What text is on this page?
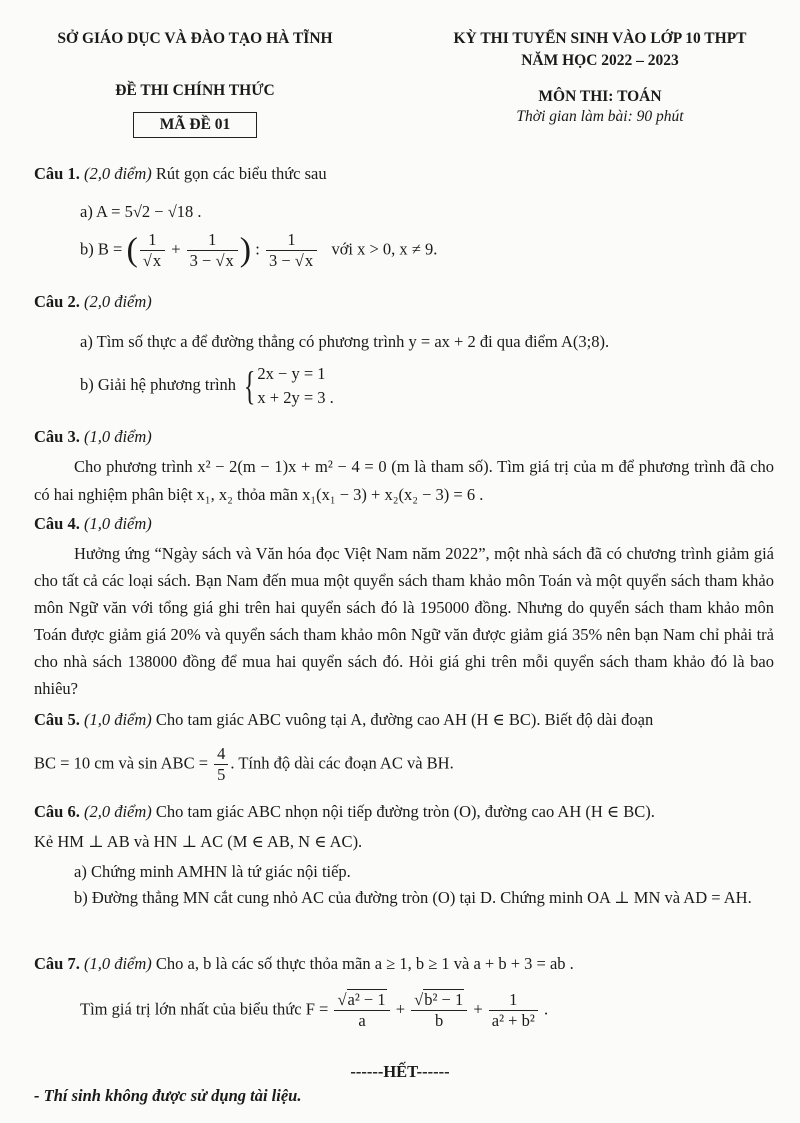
SỞ GIÁO DỤC VÀ ĐÀO TẠO HÀ TĨNH
ĐỀ THI CHÍNH THỨC
MÃ ĐỀ 01
KỲ THI TUYỂN SINH VÀO LỚP 10 THPT
NĂM HỌC 2022 – 2023
MÔN THI: TOÁN
Thời gian làm bài: 90 phút
Câu 1. (2,0 điểm) Rút gọn các biểu thức sau
a) A = 5√2 − √18 .
b) B = ( $\frac{1}{√x} + \frac{1}{3 - √x}$ ) : $\frac{1}{3 - √x}$ với x > 0, x ≠ 9.
Câu 2. (2,0 điểm)
a) Tìm số thực a để đường thẳng có phương trình y = ax + 2 đi qua điểm A(3;8).
b) Giải hệ phương trình { 2x − y = 1
x + 2y = 3 .
Câu 3. (1,0 điểm)
Cho phương trình x² − 2(m − 1)x + m² − 4 = 0 (m là tham số). Tìm giá trị của m để phương trình đã cho có hai nghiệm phân biệt x₁, x₂ thỏa mãn x₁(x₁ − 3) + x₂(x₂ − 3) = 6 .
Câu 4. (1,0 điểm)
Hưởng ứng “Ngày sách và Văn hóa đọc Việt Nam năm 2022”, một nhà sách đã có chương trình giảm giá cho tất cả các loại sách. Bạn Nam đến mua một quyển sách tham khảo môn Toán và một quyển sách tham khảo môn Ngữ văn với tổng giá ghi trên hai quyển sách đó là 195000 đồng. Nhưng do quyển sách tham khảo môn Toán được giảm giá 20% và quyển sách tham khảo môn Ngữ văn được giảm giá 35% nên bạn Nam chỉ phải trả cho nhà sách 138000 đồng để mua hai quyển sách đó. Hỏi giá ghi trên mỗi quyển sách tham khảo đó là bao nhiêu?
Câu 5. (1,0 điểm) Cho tam giác ABC vuông tại A, đường cao AH (H ∈ BC). Biết độ dài đoạn
BC = 10 cm và sin ABC = $\frac{4}{5}$ . Tính độ dài các đoạn AC và BH.
Câu 6. (2,0 điểm) Cho tam giác ABC nhọn nội tiếp đường tròn (O), đường cao AH (H ∈ BC).
Kẻ HM ⊥ AB và HN ⊥ AC (M ∈ AB, N ∈ AC).
a) Chứng minh AMHN là tứ giác nội tiếp.
b) Đường thẳng MN cắt cung nhỏ AC của đường tròn (O) tại D. Chứng minh OA ⊥ MN và AD = AH.
Câu 7. (1,0 điểm) Cho a, b là các số thực thỏa mãn a ≥ 1, b ≥ 1 và a + b + 3 = ab .
Tìm giá trị lớn nhất của biểu thức $F = \frac{\text{√a² − 1}}{a} + \frac{\text{√b² − 1}}{b} + \frac{1}{\text{a² + b²}}$ .
------HẾT------
- Thí sinh không được sử dụng tài liệu.
